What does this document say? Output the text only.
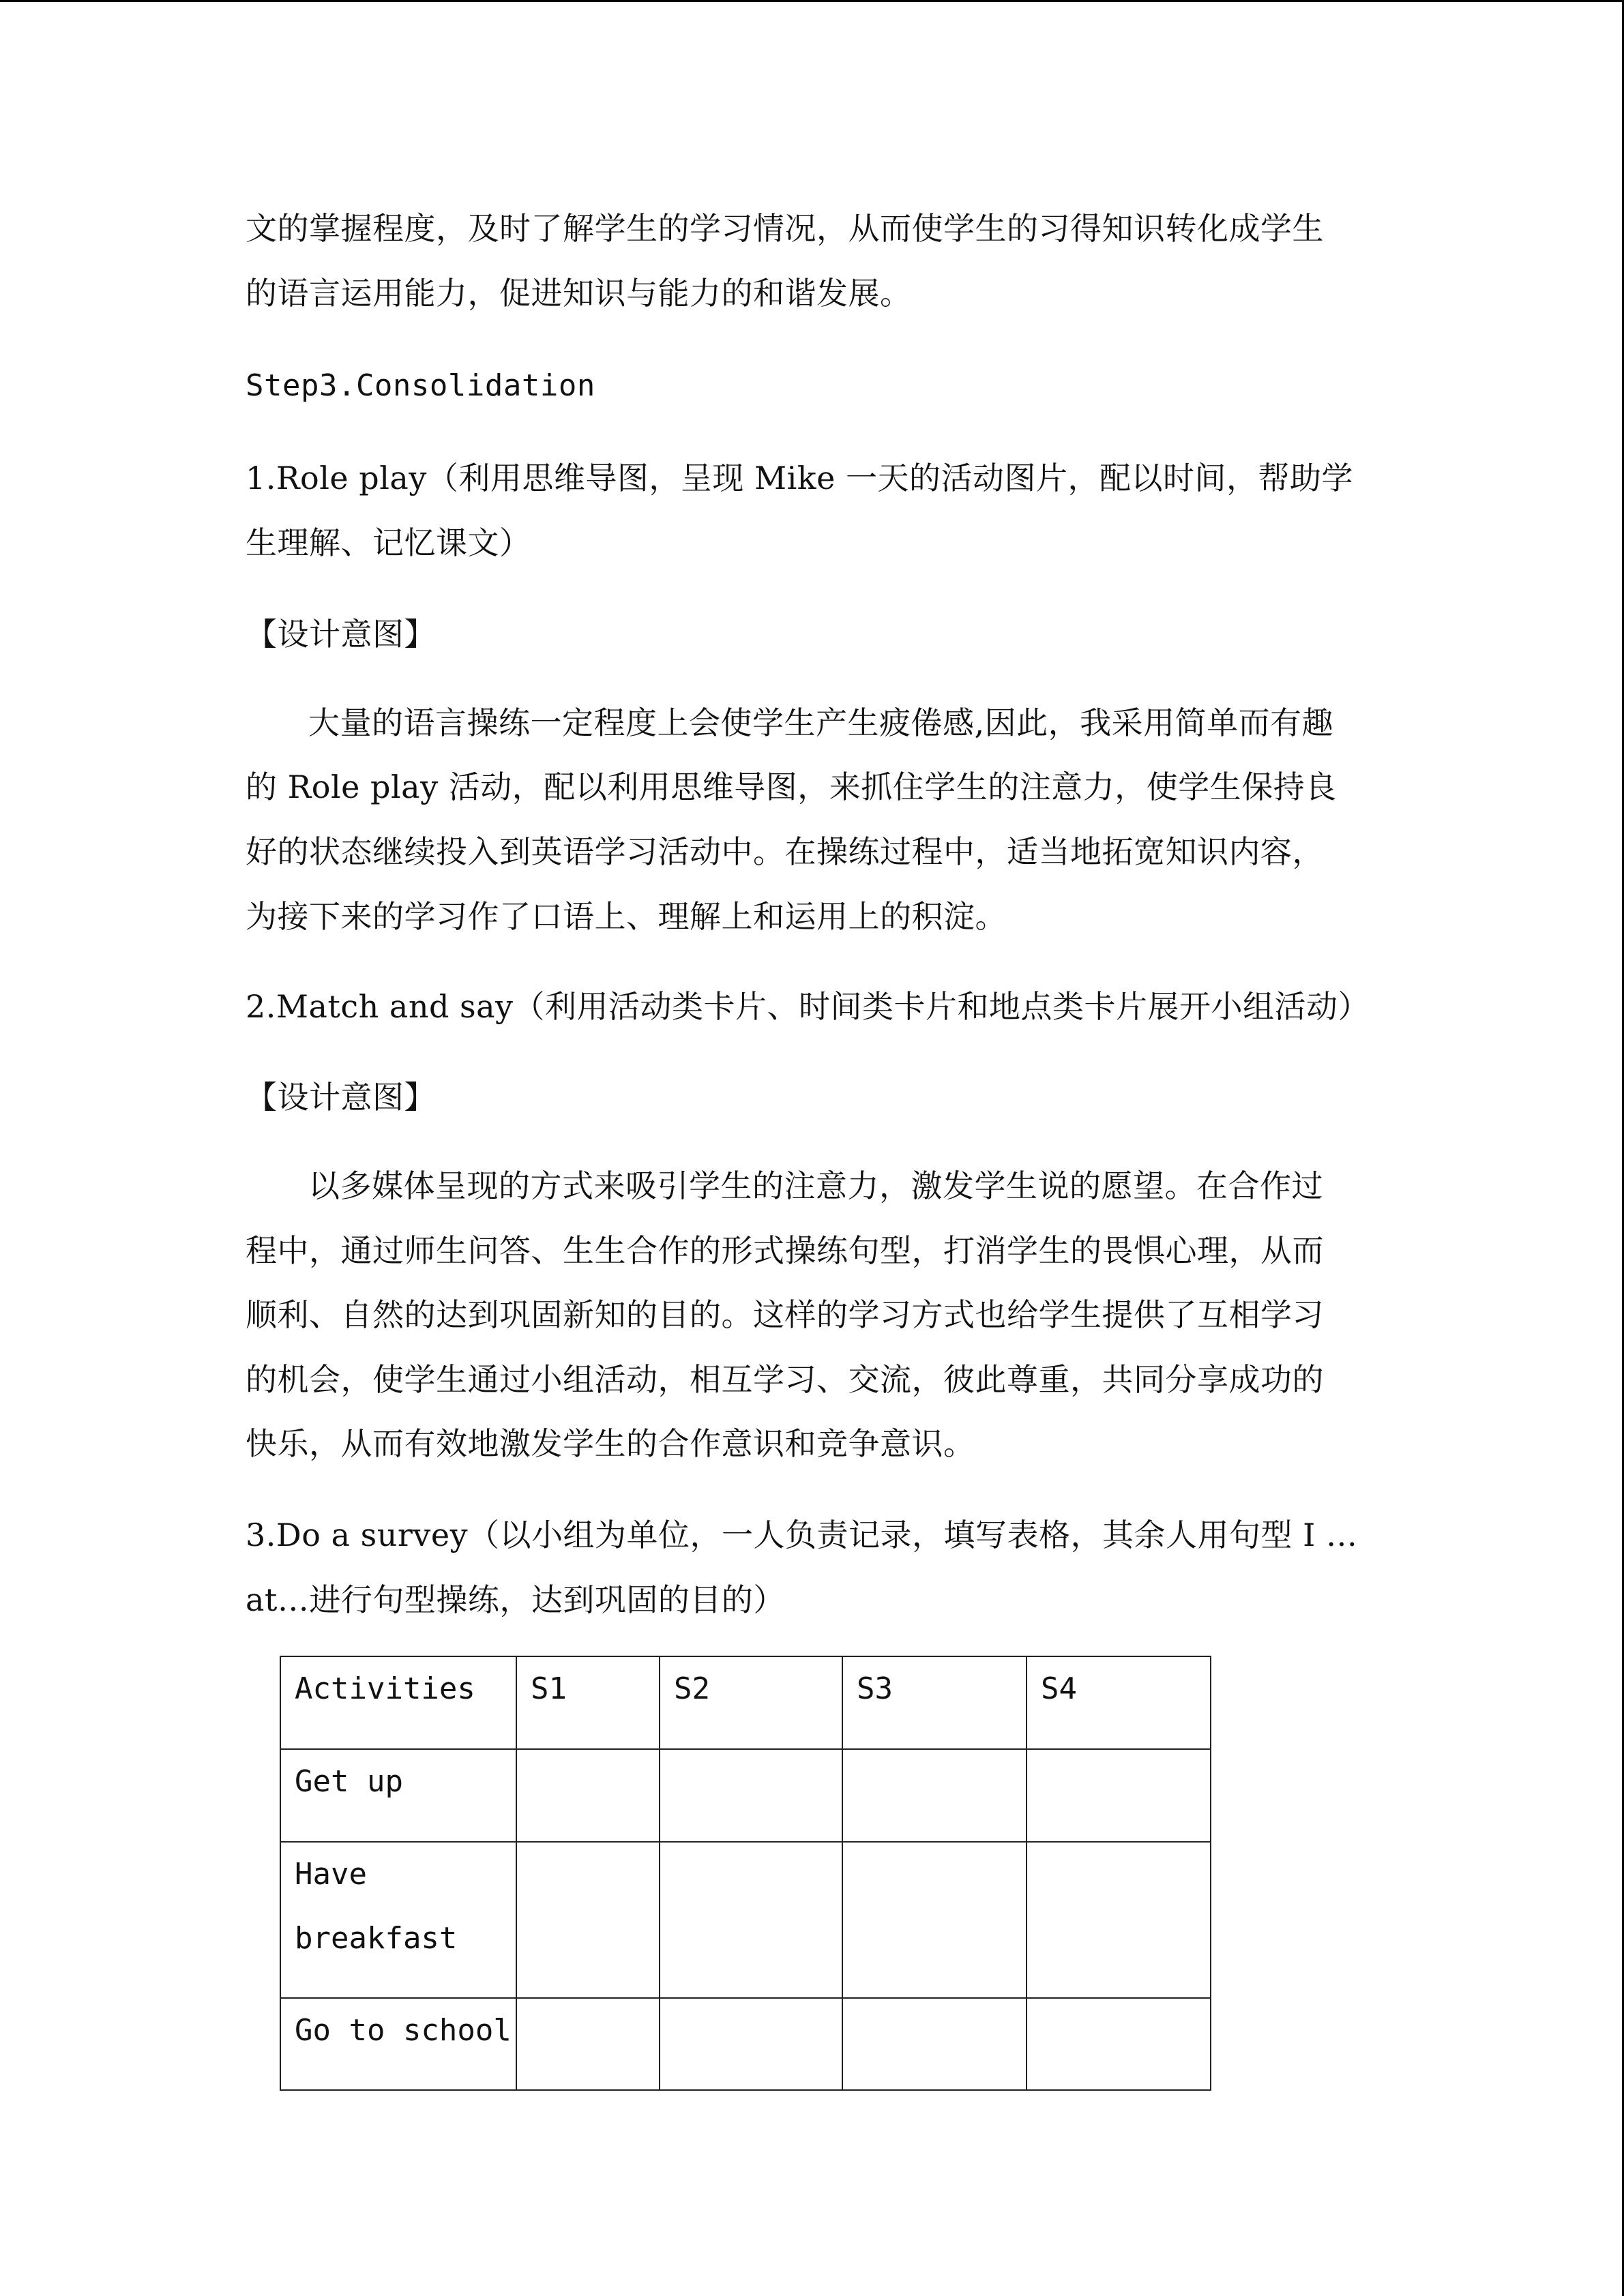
文的掌握程度，及时了解学生的学习情况，从而使学生的习得知识转化成学生
的语言运用能力，促进知识与能力的和谐发展。
Step3.Consolidation
1.Role play（利用思维导图，呈现 Mike 一天的活动图片，配以时间，帮助学
生理解、记忆课文）
【设计意图】
大量的语言操练一定程度上会使学生产生疲倦感,因此，我采用简单而有趣
的 Role play 活动，配以利用思维导图，来抓住学生的注意力，使学生保持良
好的状态继续投入到英语学习活动中。在操练过程中，适当地拓宽知识内容，
为接下来的学习作了口语上、理解上和运用上的积淀。
2.Match and say（利用活动类卡片、时间类卡片和地点类卡片展开小组活动）
【设计意图】
以多媒体呈现的方式来吸引学生的注意力，激发学生说的愿望。在合作过
程中，通过师生问答、生生合作的形式操练句型，打消学生的畏惧心理，从而
顺利、自然的达到巩固新知的目的。这样的学习方式也给学生提供了互相学习
的机会，使学生通过小组活动，相互学习、交流，彼此尊重，共同分享成功的
快乐，从而有效地激发学生的合作意识和竞争意识。
3.Do a survey（以小组为单位，一人负责记录，填写表格，其余人用句型 I …
at…进行句型操练，达到巩固的目的）
Activities	S1	S2	S3	S4

Get up				

Have
breakfast				

Go to school				
